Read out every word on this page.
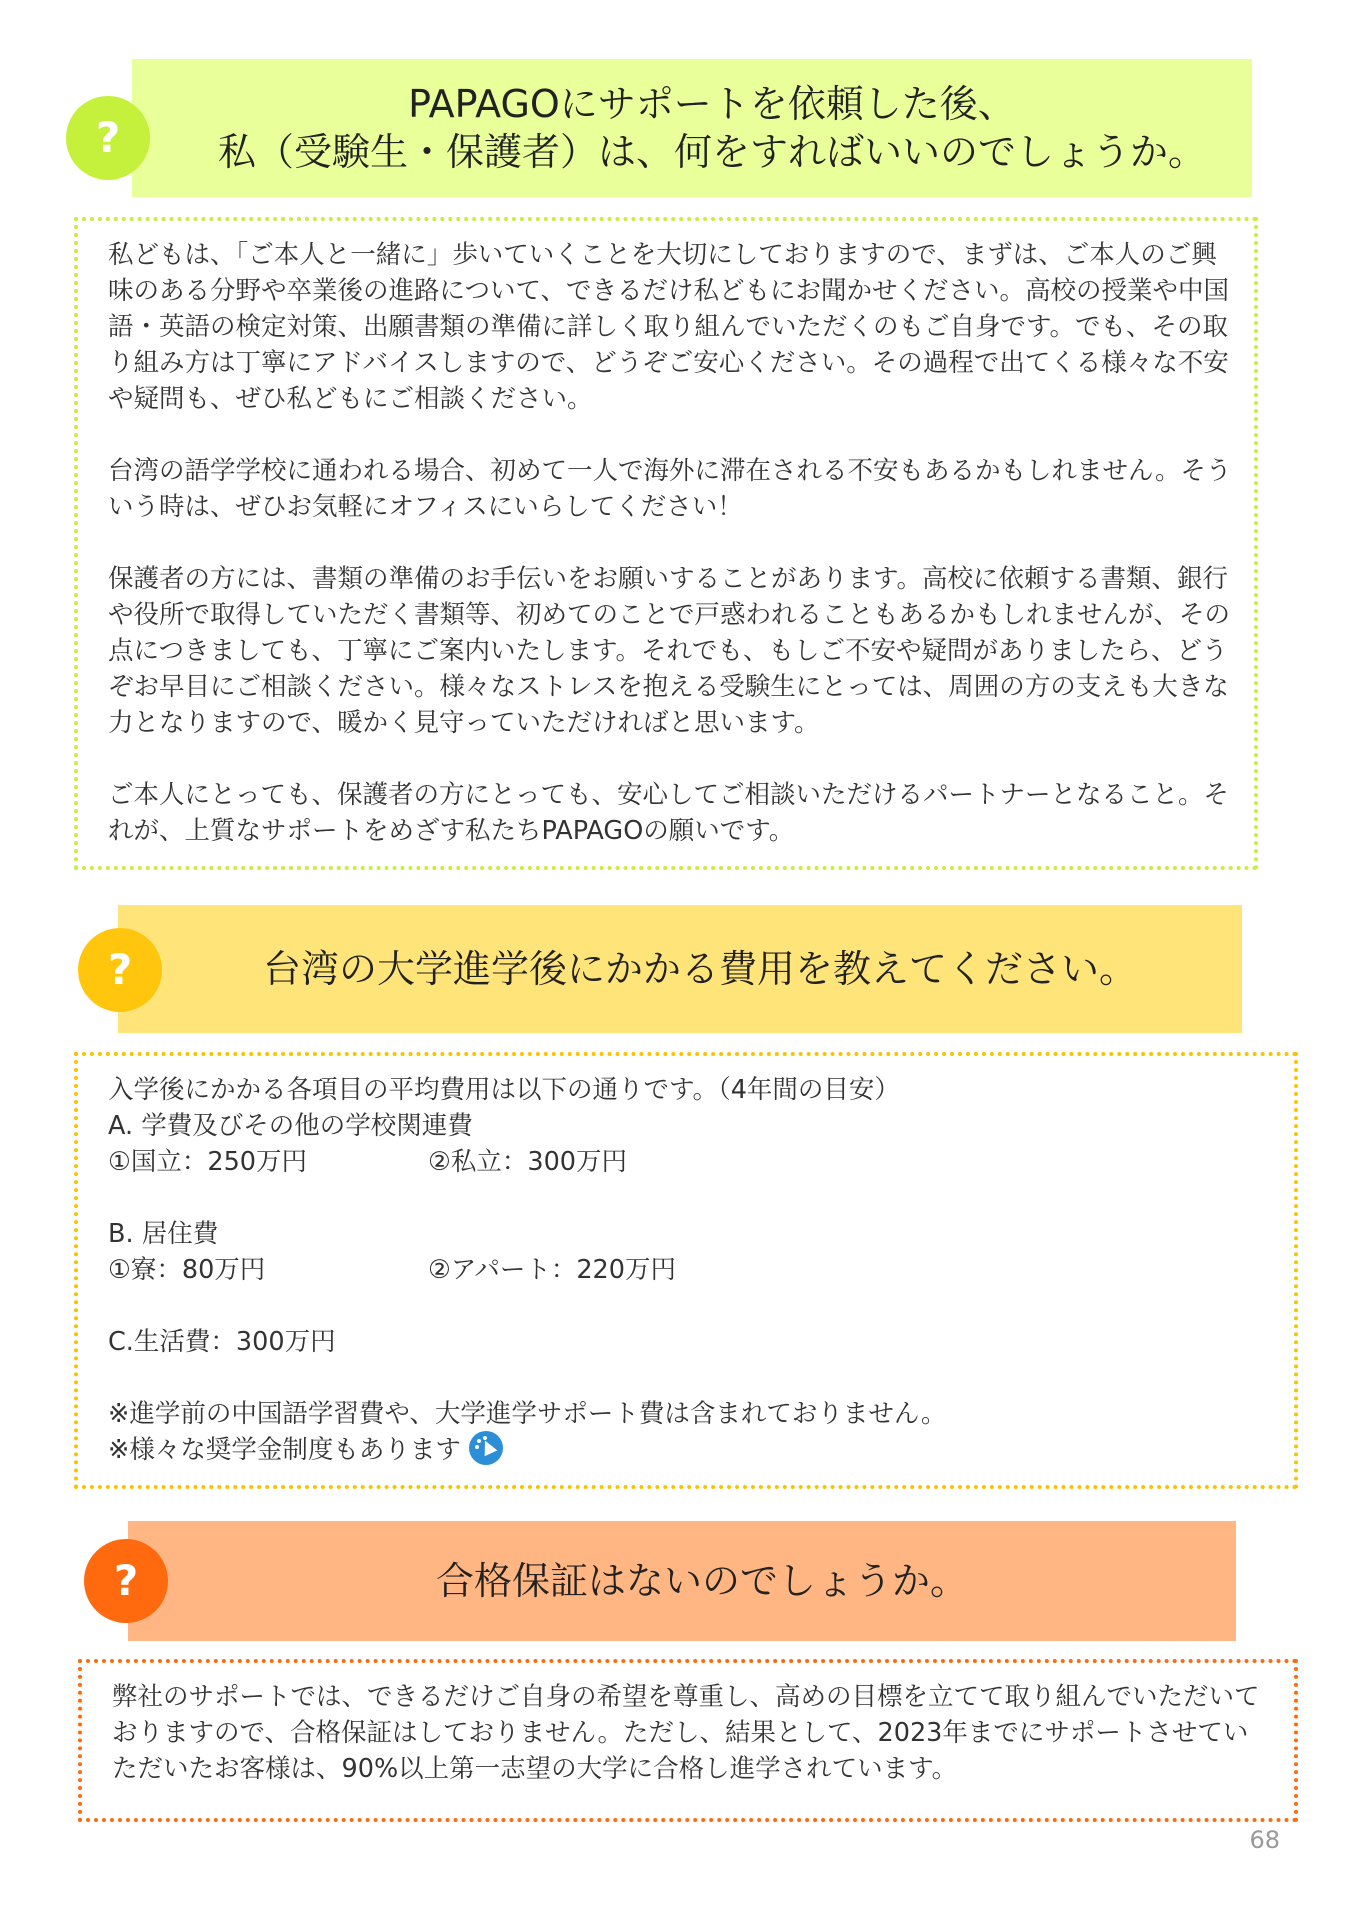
PAPAGOにサポートを依頼した後、
私（受験生・保護者）は、何をすればいいのでしょうか。
?

私どもは、「ご本人と一緒に」歩いていくことを大切にしておりますので、まずは、ご本人のご興味のある分野や卒業後の進路について、できるだけ私どもにお聞かせください。高校の授業や中国語・英語の検定対策、出願書類の準備に詳しく取り組んでいただくのもご自身です。でも、その取り組み方は丁寧にアドバイスしますので、どうぞご安心ください。その過程で出てくる様々な不安や疑問も、ぜひ私どもにご相談ください。

台湾の語学学校に通われる場合、初めて一人で海外に滞在される不安もあるかもしれません。そういう時は、ぜひお気軽にオフィスにいらしてください！

保護者の方には、書類の準備のお手伝いをお願いすることがあります。高校に依頼する書類、銀行や役所で取得していただく書類等、初めてのことで戸惑われることもあるかもしれませんが、その点につきましても、丁寧にご案内いたします。それでも、もしご不安や疑問がありましたら、どうぞお早目にご相談ください。様々なストレスを抱える受験生にとっては、周囲の方の支えも大きな力となりますので、暖かく見守っていただければと思います。

ご本人にとっても、保護者の方にとっても、安心してご相談いただけるパートナーとなること。それが、上質なサポートをめざす私たちPAPAGOの願いです。

台湾の大学進学後にかかる費用を教えてください。
?
入学後にかかる各項目の平均費用は以下の通りです。（4年間の目安）
A. 学費及びその他の学校関連費
①国立：250万円	②私立：300万円
B. 居住費
①寮：80万円	②アパート：220万円
C.生活費：300万円
※進学前の中国語学習費や、大学進学サポート費は含まれておりません。
※様々な奨学金制度もあります
合格保証はないのでしょうか。
?

弊社のサポートでは、できるだけご自身の希望を尊重し、高めの目標を立てて取り組んでいただいておりますので、合格保証はしておりません。ただし、結果として、2023年までにサポートさせていただいたお客様は、90%以上第一志望の大学に合格し進学されています。

68
